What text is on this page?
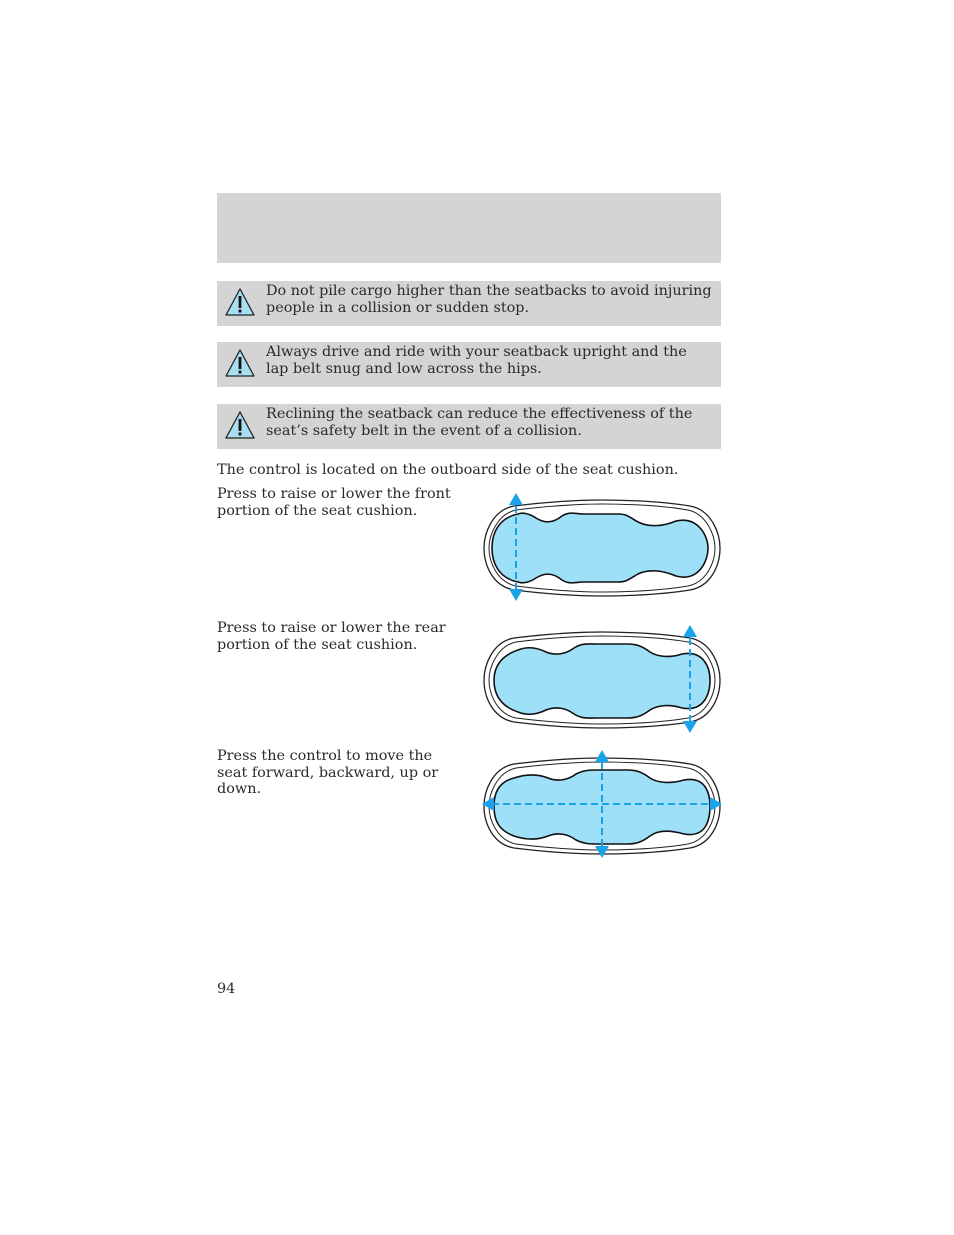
Do not pile cargo higher than the seatbacks to avoid injuring people in a collision or sudden stop.
Always drive and ride with your seatback upright and the lap belt snug and low across the hips.
Reclining the seatback can reduce the effectiveness of the seat’s safety belt in the event of a collision.
The control is located on the outboard side of the seat cushion.
Press to raise or lower the front portion of the seat cushion.
Press to raise or lower the rear portion of the seat cushion.
Press the control to move the seat forward, backward, up or down.
94
